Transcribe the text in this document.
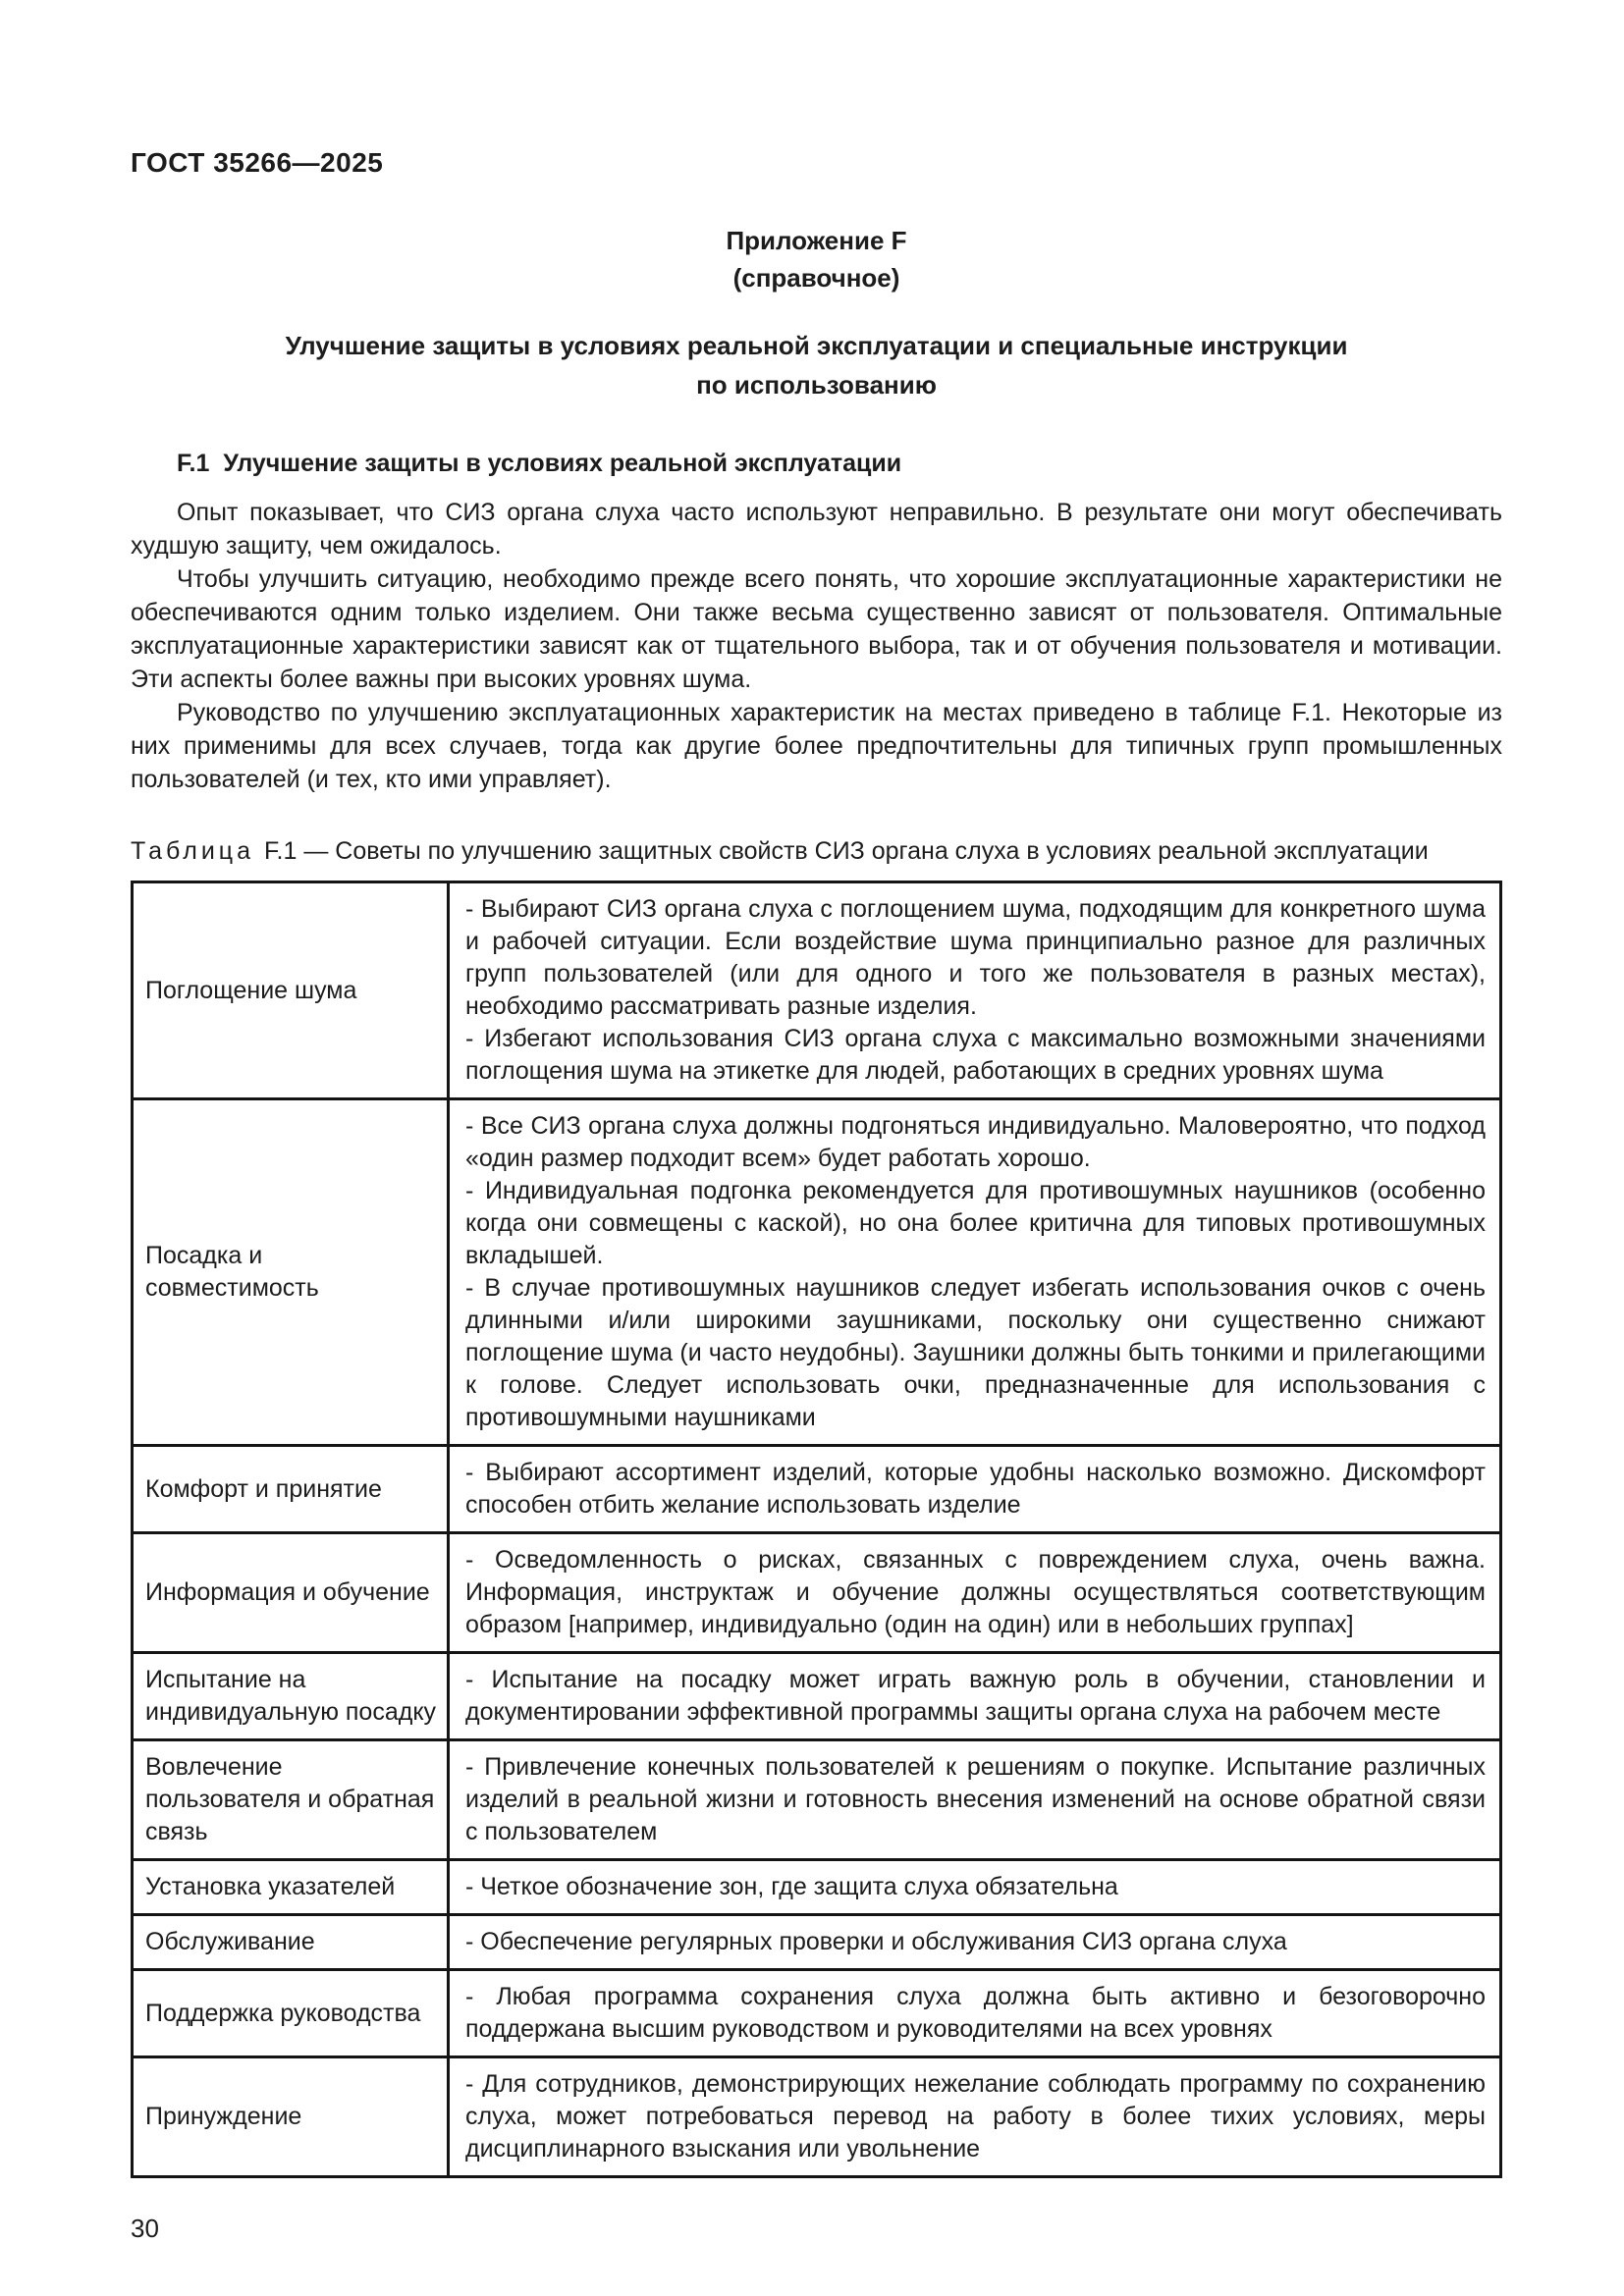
ГОСТ 35266—2025
Приложение F
(справочное)
Улучшение защиты в условиях реальной эксплуатации и специальные инструкции
по использованию
F.1 Улучшение защиты в условиях реальной эксплуатации

Опыт показывает, что СИЗ органа слуха часто используют неправильно. В результате они могут обеспечивать худшую защиту, чем ожидалось.

Чтобы улучшить ситуацию, необходимо прежде всего понять, что хорошие эксплуатационные характеристики не обеспечиваются одним только изделием. Они также весьма существенно зависят от пользователя. Оптимальные эксплуатационные характеристики зависят как от тщательного выбора, так и от обучения пользователя и мотивации. Эти аспекты более важны при высоких уровнях шума.

Руководство по улучшению эксплуатационных характеристик на местах приведено в таблице F.1. Некоторые из них применимы для всех случаев, тогда как другие более предпочтительны для типичных групп промышленных пользователей (и тех, кто ими управляет).

Таблица F.1 — Советы по улучшению защитных свойств СИЗ органа слуха в условиях реальной эксплуатации
Поглощение шума	- Выбирают СИЗ органа слуха с поглощением шума, подходящим для конкретного шума и рабочей ситуации. Если воздействие шума принципиально разное для различных групп пользователей (или для одного и того же пользователя в разных местах), необходимо рассматривать разные изделия.
- Избегают использования СИЗ органа слуха с максимально возможными значениями поглощения шума на этикетке для людей, работающих в средних уровнях шума

Посадка и совместимость	- Все СИЗ органа слуха должны подгоняться индивидуально. Маловероятно, что подход «один размер подходит всем» будет работать хорошо.
- Индивидуальная подгонка рекомендуется для противошумных наушников (особенно когда они совмещены с каской), но она более критична для типовых противошумных вкладышей.
- В случае противошумных наушников следует избегать использования очков с очень длинными и/или широкими заушниками, поскольку они существенно снижают поглощение шума (и часто неудобны). Заушники должны быть тонкими и прилегающими к голове. Следует использовать очки, предназначенные для использования с противошумными наушниками

Комфорт и принятие	- Выбирают ассортимент изделий, которые удобны насколько возможно. Дискомфорт способен отбить желание использовать изделие

Информация и обучение	- Осведомленность о рисках, связанных с повреждением слуха, очень важна. Информация, инструктаж и обучение должны осуществляться соответствующим образом [например, индивидуально (один на один) или в небольших группах]

Испытание на индивидуальную посадку	- Испытание на посадку может играть важную роль в обучении, становлении и документировании эффективной программы защиты органа слуха на рабочем месте

Вовлечение пользователя и обратная связь	- Привлечение конечных пользователей к решениям о покупке. Испытание различных изделий в реальной жизни и готовность внесения изменений на основе обратной связи с пользователем

Установка указателей	- Четкое обозначение зон, где защита слуха обязательна

Обслуживание	- Обеспечение регулярных проверки и обслуживания СИЗ органа слуха

Поддержка руководства	- Любая программа сохранения слуха должна быть активно и безоговорочно поддержана высшим руководством и руководителями на всех уровнях

Принуждение	- Для сотрудников, демонстрирующих нежелание соблюдать программу по сохранению слуха, может потребоваться перевод на работу в более тихих условиях, меры дисциплинарного взыскания или увольнение
30
